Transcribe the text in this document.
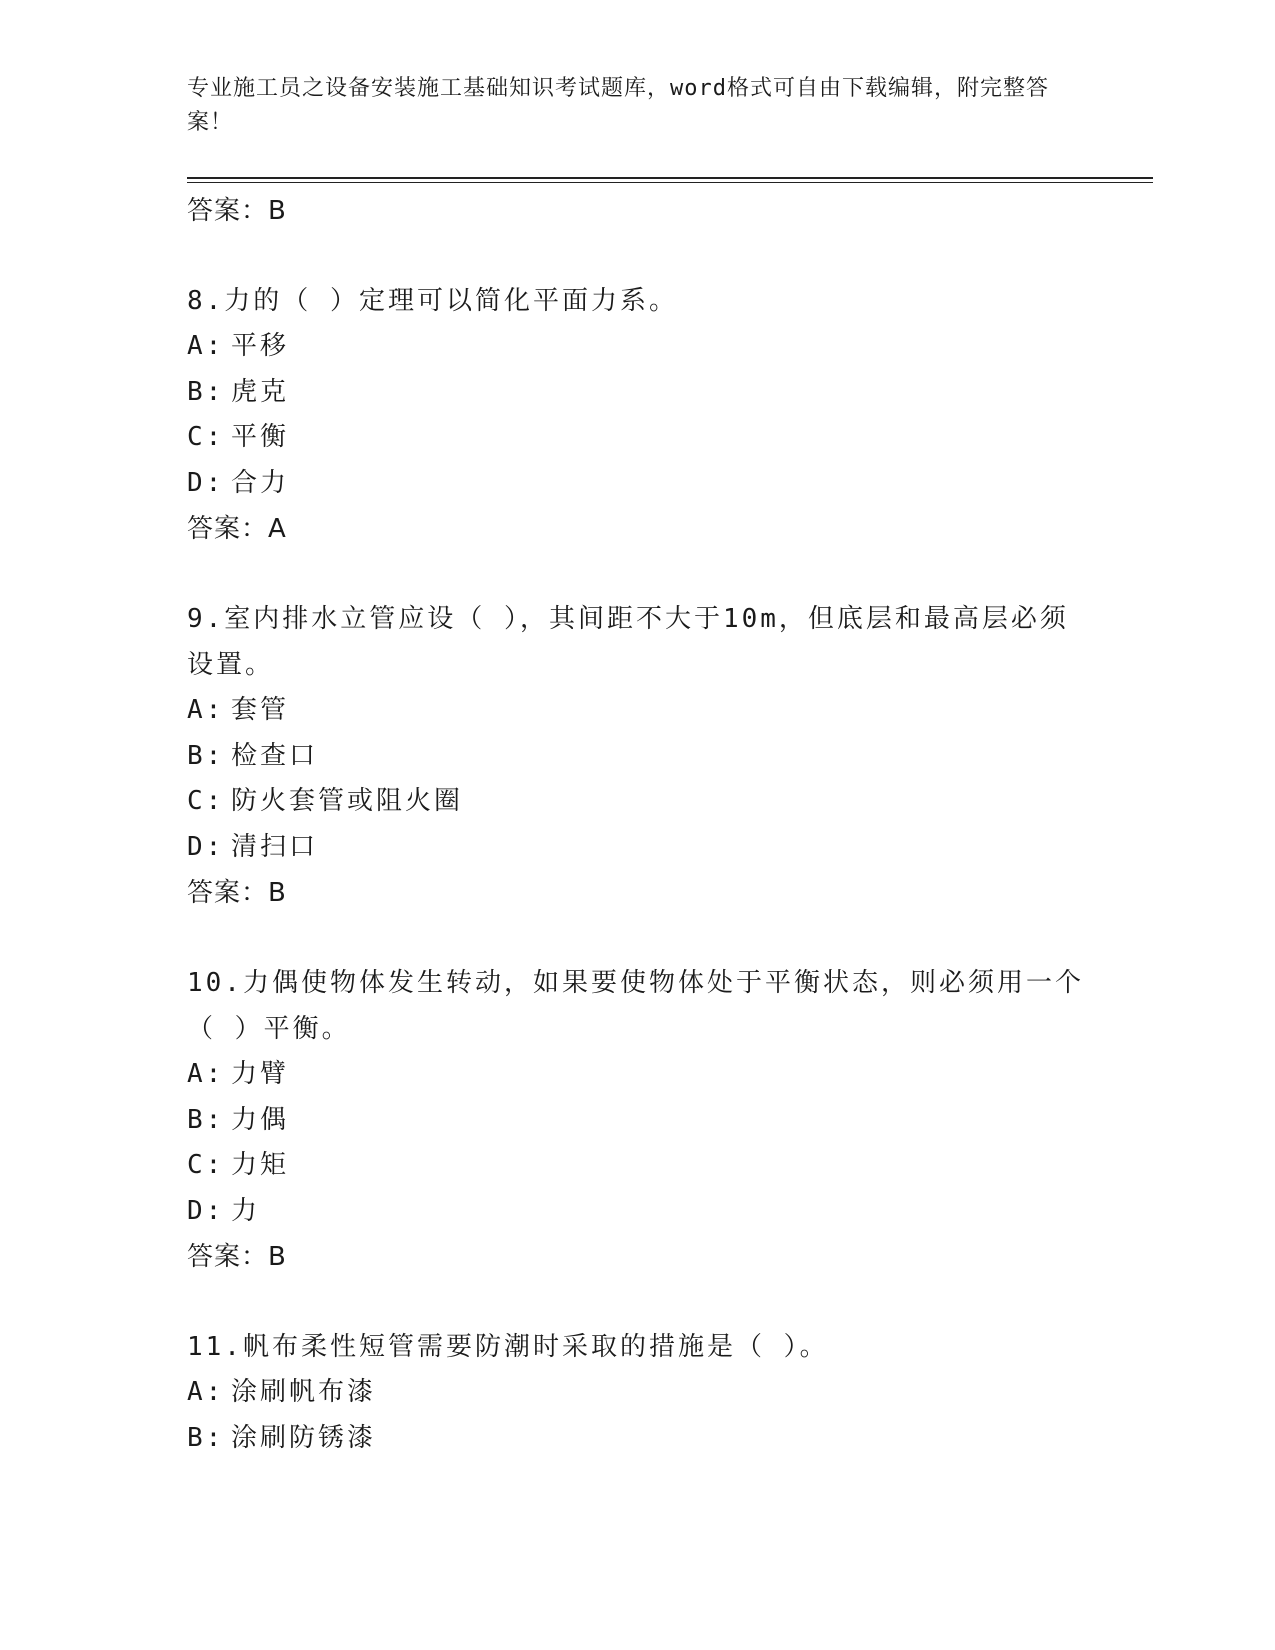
专业施工员之设备安装施工基础知识考试题库，word格式可自由下载编辑，附完整答案！
答案：B

8.力的（ ）定理可以简化平面力系。

A: 平移
B: 虎克
C: 平衡
D: 合力
答案：A

9.室内排水立管应设（ ），其间距不大于10m，但底层和最高层必须设置。

A: 套管
B: 检查口
C: 防火套管或阻火圈
D: 清扫口
答案：B

10.力偶使物体发生转动，如果要使物体处于平衡状态，则必须用一个（ ）平衡。

A: 力臂
B: 力偶
C: 力矩
D: 力
答案：B

11.帆布柔性短管需要防潮时采取的措施是（ ）。

A: 涂刷帆布漆
B: 涂刷防锈漆
